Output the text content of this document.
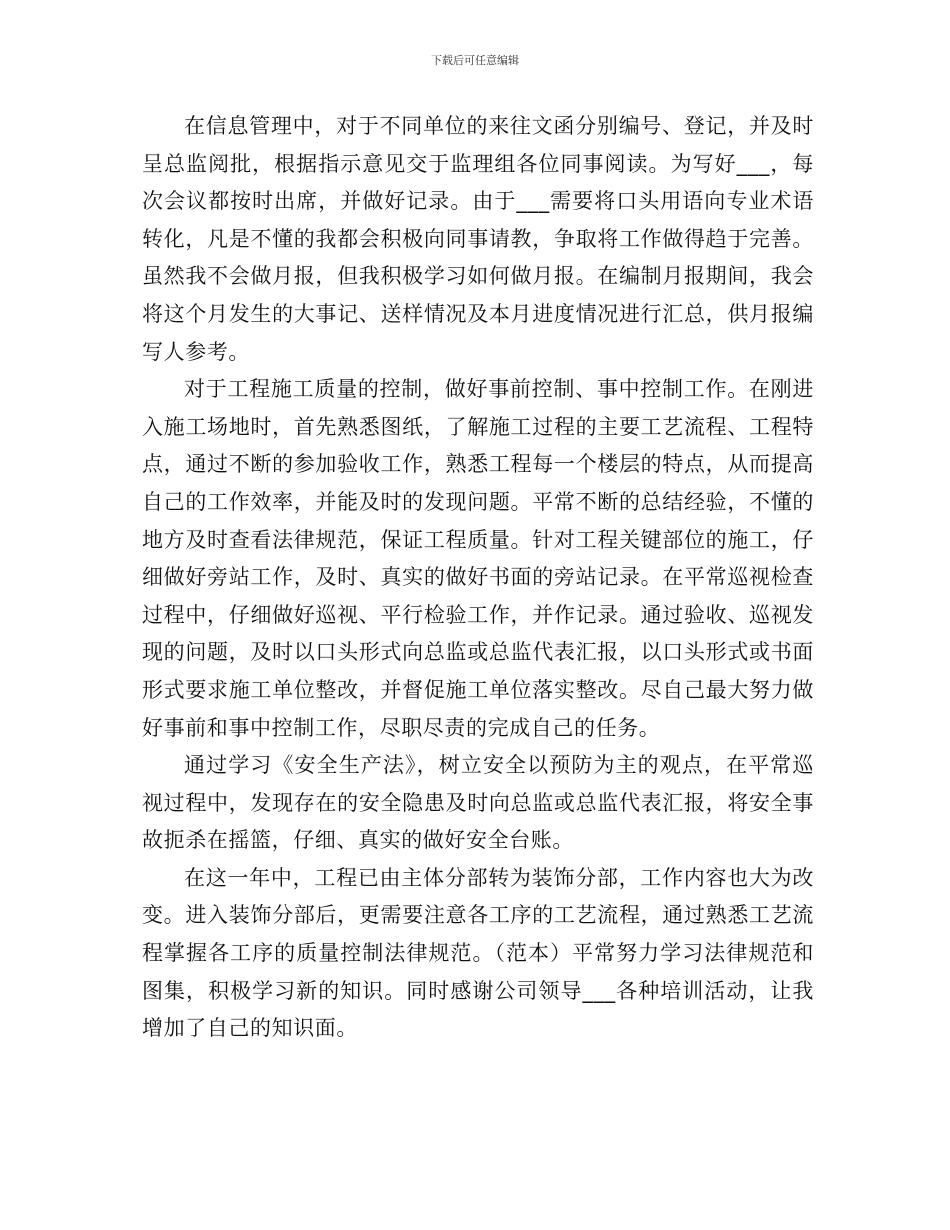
下载后可任意编辑

在信息管理中，对于不同单位的来往文函分别编号、登记，并及时呈总监阅批，根据指示意见交于监理组各位同事阅读。为写好___，每次会议都按时出席，并做好记录。由于___需要将口头用语向专业术语转化，凡是不懂的我都会积极向同事请教，争取将工作做得趋于完善。虽然我不会做月报，但我积极学习如何做月报。在编制月报期间，我会将这个月发生的大事记、送样情况及本月进度情况进行汇总，供月报编写人参考。

对于工程施工质量的控制，做好事前控制、事中控制工作。在刚进入施工场地时，首先熟悉图纸，了解施工过程的主要工艺流程、工程特点，通过不断的参加验收工作，熟悉工程每一个楼层的特点，从而提高自己的工作效率，并能及时的发现问题。平常不断的总结经验，不懂的地方及时查看法律规范，保证工程质量。针对工程关键部位的施工，仔细做好旁站工作，及时、真实的做好书面的旁站记录。在平常巡视检查过程中，仔细做好巡视、平行检验工作，并作记录。通过验收、巡视发现的问题，及时以口头形式向总监或总监代表汇报，以口头形式或书面形式要求施工单位整改，并督促施工单位落实整改。尽自己最大努力做好事前和事中控制工作，尽职尽责的完成自己的任务。

通过学习《安全生产法》，树立安全以预防为主的观点，在平常巡视过程中，发现存在的安全隐患及时向总监或总监代表汇报，将安全事故扼杀在摇篮，仔细、真实的做好安全台账。

在这一年中，工程已由主体分部转为装饰分部，工作内容也大为改变。进入装饰分部后，更需要注意各工序的工艺流程，通过熟悉工艺流程掌握各工序的质量控制法律规范。（范本）平常努力学习法律规范和图集，积极学习新的知识。同时感谢公司领导___各种培训活动，让我增加了自己的知识面。
